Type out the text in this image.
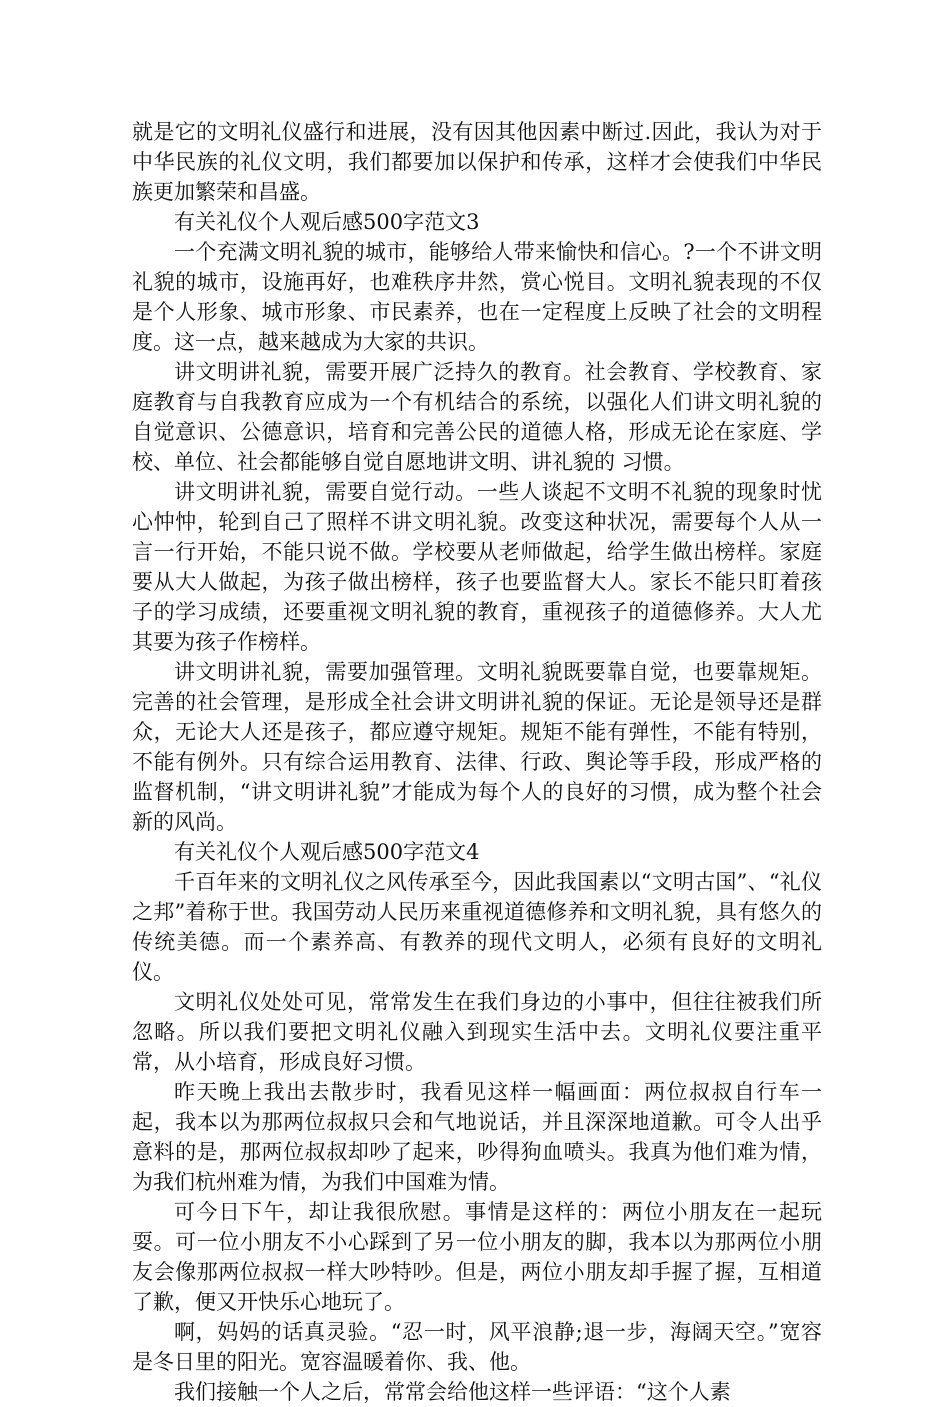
就是它的文明礼仪盛行和进展，没有因其他因素中断过.因此，我认为对于中华民族的礼仪文明，我们都要加以保护和传承，这样才会使我们中华民族更加繁荣和昌盛。

有关礼仪个人观后感500字范文3

一个充满文明礼貌的城市，能够给人带来愉快和信心。?一个不讲文明礼貌的城市，设施再好，也难秩序井然，赏心悦目。文明礼貌表现的不仅是个人形象、城市形象、市民素养，也在一定程度上反映了社会的文明程度。这一点，越来越成为大家的共识。

讲文明讲礼貌，需要开展广泛持久的教育。社会教育、学校教育、家庭教育与自我教育应成为一个有机结合的系统，以强化人们讲文明礼貌的自觉意识、公德意识，培育和完善公民的道德人格，形成无论在家庭、学校、单位、社会都能够自觉自愿地讲文明、讲礼貌的 习惯。

讲文明讲礼貌，需要自觉行动。一些人谈起不文明不礼貌的现象时忧心忡忡，轮到自己了照样不讲文明礼貌。改变这种状况，需要每个人从一言一行开始，不能只说不做。学校要从老师做起，给学生做出榜样。家庭要从大人做起，为孩子做出榜样，孩子也要监督大人。家长不能只盯着孩子的学习成绩，还要重视文明礼貌的教育，重视孩子的道德修养。大人尤其要为孩子作榜样。

讲文明讲礼貌，需要加强管理。文明礼貌既要靠自觉，也要靠规矩。完善的社会管理，是形成全社会讲文明讲礼貌的保证。无论是领导还是群众，无论大人还是孩子，都应遵守规矩。规矩不能有弹性，不能有特别，不能有例外。只有综合运用教育、法律、行政、舆论等手段，形成严格的监督机制，“讲文明讲礼貌”才能成为每个人的良好的习惯，成为整个社会新的风尚。

有关礼仪个人观后感500字范文4

千百年来的文明礼仪之风传承至今，因此我国素以“文明古国”、“礼仪之邦”着称于世。我国劳动人民历来重视道德修养和文明礼貌，具有悠久的传统美德。而一个素养高、有教养的现代文明人，必须有良好的文明礼仪。

文明礼仪处处可见，常常发生在我们身边的小事中，但往往被我们所忽略。所以我们要把文明礼仪融入到现实生活中去。文明礼仪要注重平常，从小培育，形成良好习惯。

昨天晚上我出去散步时，我看见这样一幅画面：两位叔叔自行车一起，我本以为那两位叔叔只会和气地说话，并且深深地道歉。可令人出乎意料的是，那两位叔叔却吵了起来，吵得狗血喷头。我真为他们难为情，为我们杭州难为情，为我们中国难为情。

可今日下午，却让我很欣慰。事情是这样的：两位小朋友在一起玩耍。可一位小朋友不小心踩到了另一位小朋友的脚，我本以为那两位小朋友会像那两位叔叔一样大吵特吵。但是，两位小朋友却手握了握，互相道了歉，便又开快乐心地玩了。

啊，妈妈的话真灵验。“忍一时，风平浪静;退一步，海阔天空。”宽容是冬日里的阳光。宽容温暖着你、我、他。

我们接触一个人之后，常常会给他这样一些评语：“这个人素
